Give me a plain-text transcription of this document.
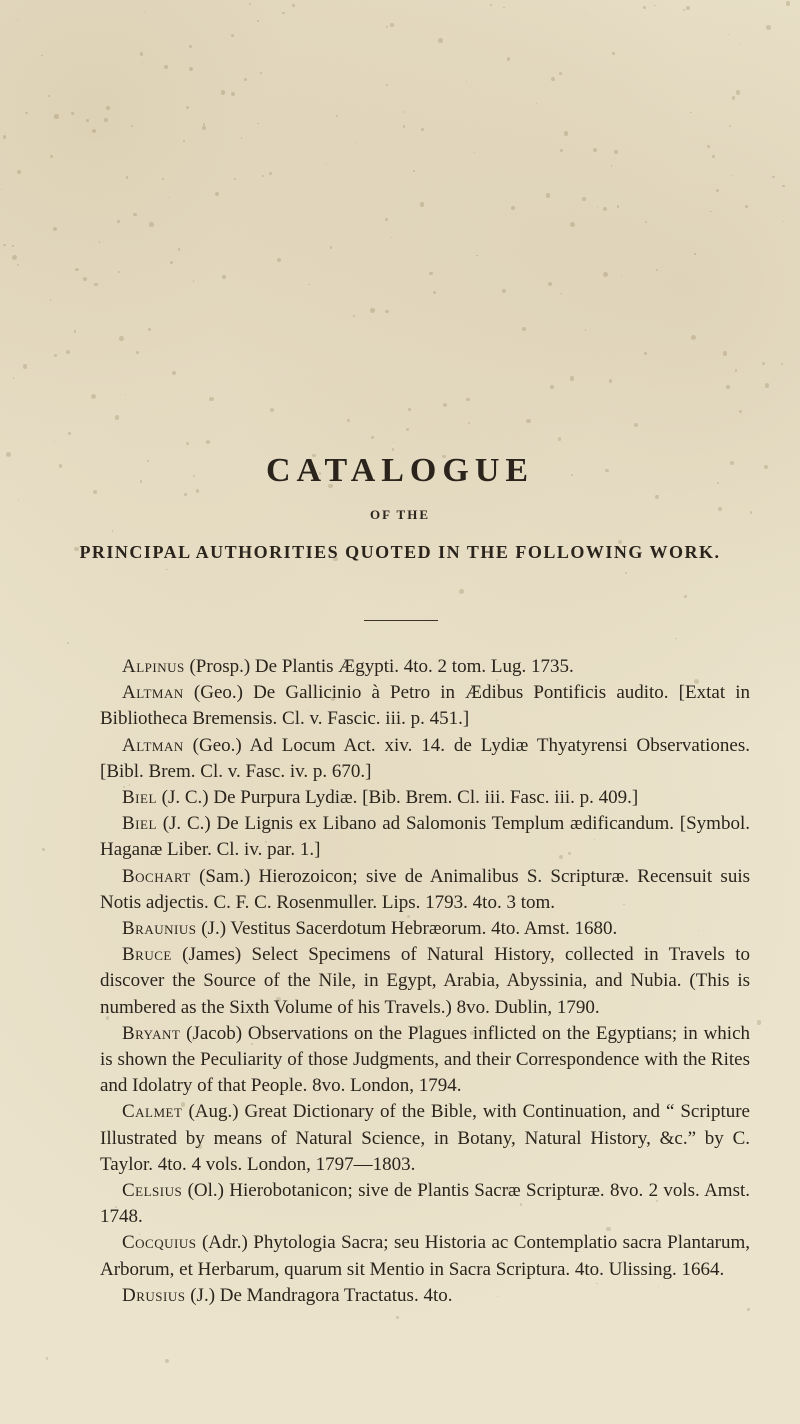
CATALOGUE
OF THE
PRINCIPAL AUTHORITIES QUOTED IN THE FOLLOWING WORK.

Alpinus (Prosp.) De Plantis Ægypti. 4to. 2 tom. Lug. 1735.

Altman (Geo.) De Gallicinio à Petro in Ædibus Pontificis audito. [Extat in Bibliotheca Bremensis. Cl. v. Fascic. iii. p. 451.]

Altman (Geo.) Ad Locum Act. xiv. 14. de Lydiæ Thyatyrensi Observationes. [Bibl. Brem. Cl. v. Fasc. iv. p. 670.]

Biel (J. C.) De Purpura Lydiæ. [Bib. Brem. Cl. iii. Fasc. iii. p. 409.]

Biel (J. C.) De Lignis ex Libano ad Salomonis Templum ædificandum. [Symbol. Haganæ Liber. Cl. iv. par. 1.]

Bochart (Sam.) Hierozoicon; sive de Animalibus S. Scripturæ. Recensuit suis Notis adjectis. C. F. C. Rosenmuller. Lips. 1793. 4to. 3 tom.

Braunius (J.) Vestitus Sacerdotum Hebræorum. 4to. Amst. 1680.

Bruce (James) Select Specimens of Natural History, collected in Travels to discover the Source of the Nile, in Egypt, Arabia, Abyssinia, and Nubia. (This is numbered as the Sixth Volume of his Travels.) 8vo. Dublin, 1790.

Bryant (Jacob) Observations on the Plagues inflicted on the Egyptians; in which is shown the Peculiarity of those Judgments, and their Correspondence with the Rites and Idolatry of that People. 8vo. London, 1794.

Calmet (Aug.) Great Dictionary of the Bible, with Continuation, and “ Scripture Illustrated by means of Natural Science, in Botany, Natural History, &c.” by C. Taylor. 4to. 4 vols. London, 1797—1803.

Celsius (Ol.) Hierobotanicon; sive de Plantis Sacræ Scripturæ. 8vo. 2 vols. Amst. 1748.

Cocquius (Adr.) Phytologia Sacra; seu Historia ac Contemplatio sacra Plantarum, Arborum, et Herbarum, quarum sit Mentio in Sacra Scriptura. 4to. Ulissing. 1664.

Drusius (J.) De Mandragora Tractatus. 4to.
